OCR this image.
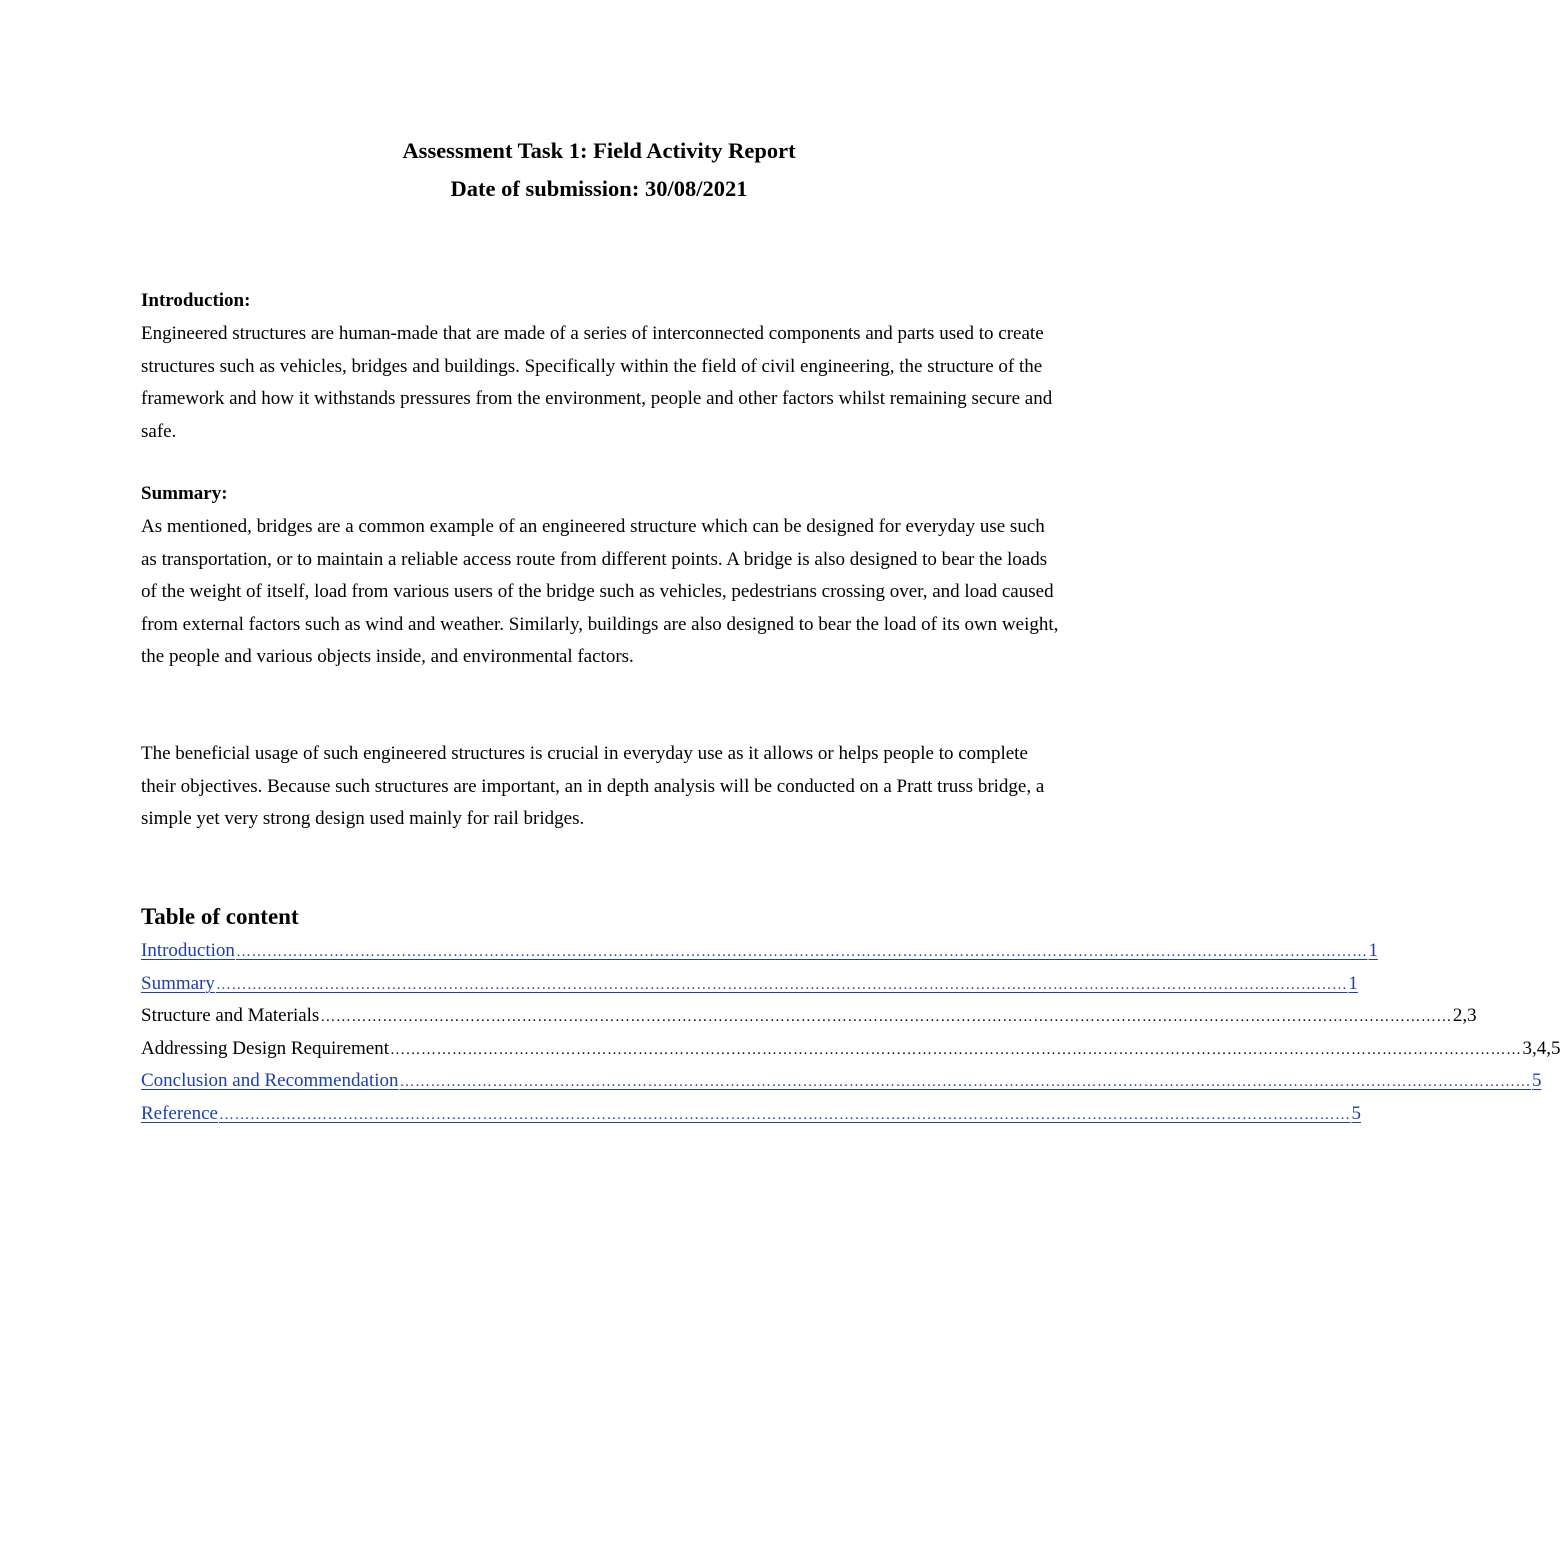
Assessment Task 1: Field Activity Report
Date of submission: 30/08/2021
Introduction:

Engineered structures are human-made that are made of a series of interconnected components and parts used to create structures such as vehicles, bridges and buildings. Specifically within the field of civil engineering, the structure of the framework and how it withstands pressures from the environment, people and other factors whilst remaining secure and safe.

Summary:

As mentioned, bridges are a common example of an engineered structure which can be designed for everyday use such as transportation, or to maintain a reliable access route from different points. A bridge is also designed to bear the loads of the weight of itself, load from various users of the bridge such as vehicles, pedestrians crossing over, and load caused from external factors such as wind and weather. Similarly, buildings are also designed to bear the load of its own weight, the people and various objects inside, and environmental factors.

The beneficial usage of such engineered structures is crucial in everyday use as it allows or helps people to complete their objectives. Because such structures are important, an in depth analysis will be conducted on a Pratt truss bridge, a simple yet very strong design used mainly for rail bridges.

Table of content
Introduction ………………………………………………………………………………………………………………………………………………………………………………………………… 1
Summary ………………………………………………………………………………………………………………………………………………………………………………………………… 1
Structure and Materials ………………………………………………………………………………………………………………………………………………………………………………………………… 2,3
Addressing Design Requirement ………………………………………………………………………………………………………………………………………………………………………………………………… 3,4,5
Conclusion and Recommendation ………………………………………………………………………………………………………………………………………………………………………………………………… 5
Reference ………………………………………………………………………………………………………………………………………………………………………………………………… 5
